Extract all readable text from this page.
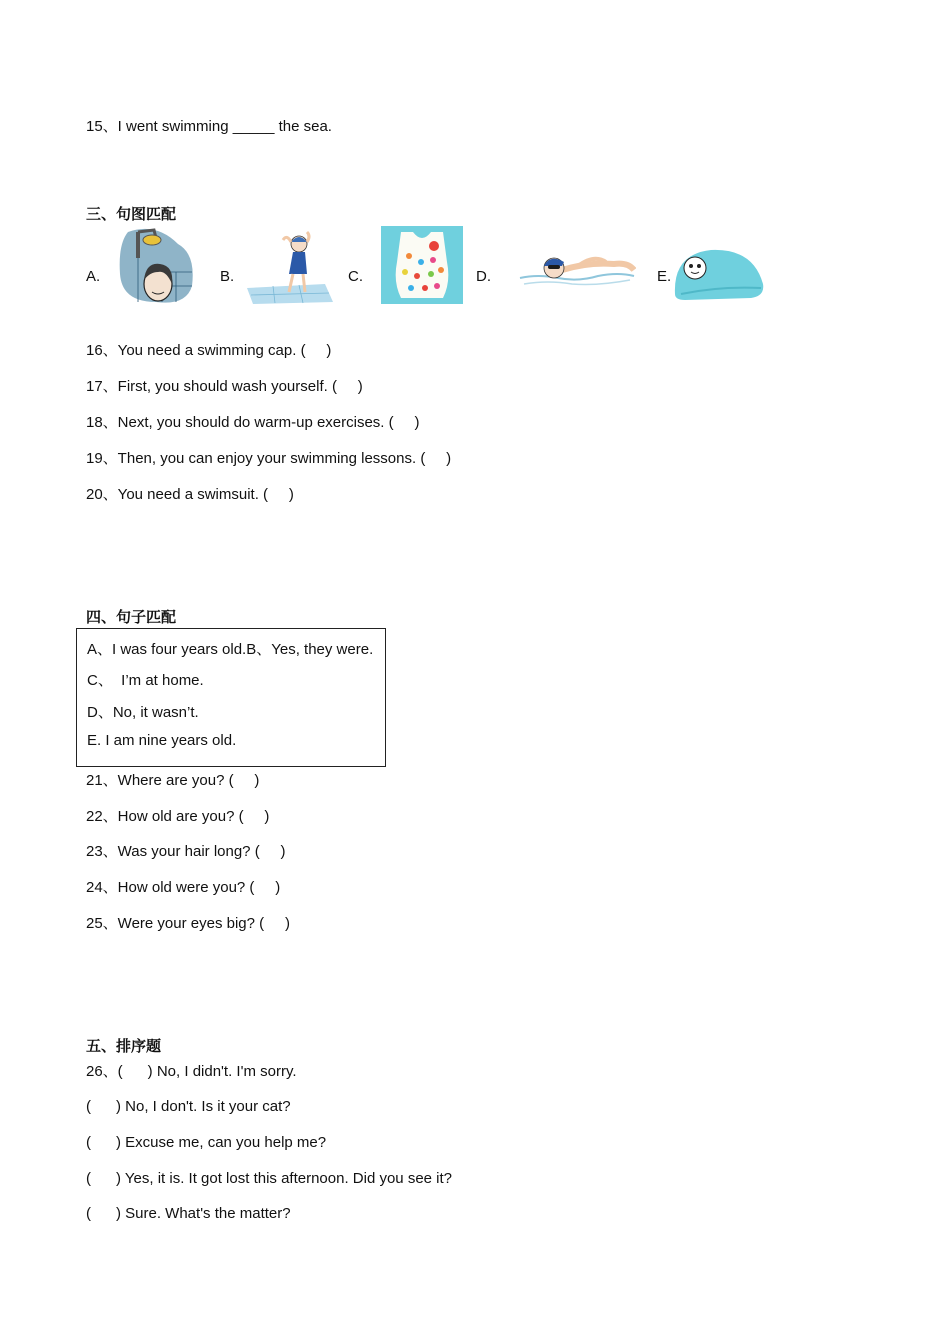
15、I went swimming _____ the sea.
三、句图匹配
A.	B.	C.	D.	E.
16、You need a swimming cap. (     )
17、First, you should wash yourself. (     )
18、Next, you should do warm-up exercises. (     )
19、Then, you can enjoy your swimming lessons. (     )
20、You need a swimsuit. (     )
四、句子匹配
A、I was four years old.B、Yes, they were.
C、  I’m at home.
D、No, it wasn’t.
E. I am nine years old.
21、Where are you? (     )
22、How old are you? (     )
23、Was your hair long? (     )
24、How old were you? (     )
25、Were your eyes big? (     )
五、排序题
26、(      ) No, I didn't. I'm sorry.
(      ) No, I don't. Is it your cat?
(      ) Excuse me, can you help me?
(      ) Yes, it is. It got lost this afternoon. Did you see it?
(      ) Sure. What's the matter?
